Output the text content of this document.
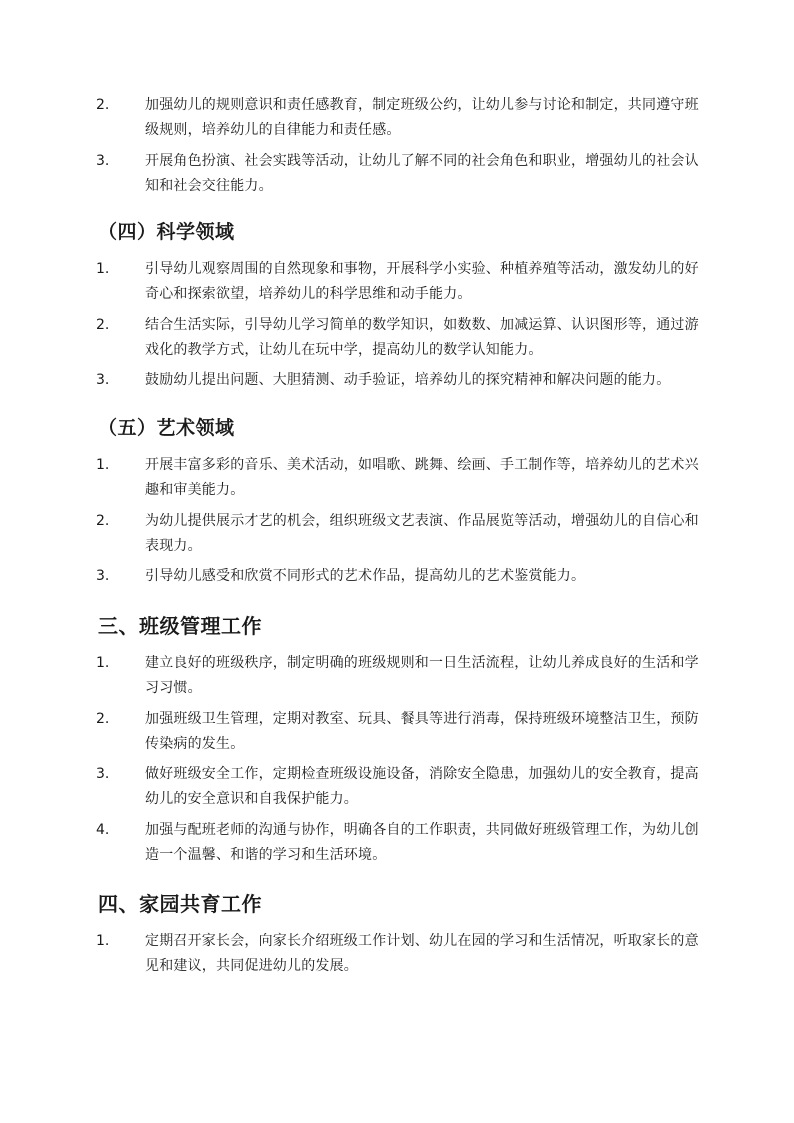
2.	加强幼儿的规则意识和责任感教育，制定班级公约，让幼儿参与讨论和制定，共同遵守班级规则，培养幼儿的自律能力和责任感。
3.	开展角色扮演、社会实践等活动，让幼儿了解不同的社会角色和职业，增强幼儿的社会认知和社会交往能力。
（四）科学领域
1.	引导幼儿观察周围的自然现象和事物，开展科学小实验、种植养殖等活动，激发幼儿的好奇心和探索欲望，培养幼儿的科学思维和动手能力。
2.	结合生活实际，引导幼儿学习简单的数学知识，如数数、加减运算、认识图形等，通过游戏化的教学方式，让幼儿在玩中学，提高幼儿的数学认知能力。
3.	鼓励幼儿提出问题、大胆猜测、动手验证，培养幼儿的探究精神和解决问题的能力。
（五）艺术领域
1.	开展丰富多彩的音乐、美术活动，如唱歌、跳舞、绘画、手工制作等，培养幼儿的艺术兴趣和审美能力。
2.	为幼儿提供展示才艺的机会，组织班级文艺表演、作品展览等活动，增强幼儿的自信心和表现力。
3.	引导幼儿感受和欣赏不同形式的艺术作品，提高幼儿的艺术鉴赏能力。
三、班级管理工作
1.	建立良好的班级秩序，制定明确的班级规则和一日生活流程，让幼儿养成良好的生活和学习习惯。
2.	加强班级卫生管理，定期对教室、玩具、餐具等进行消毒，保持班级环境整洁卫生，预防传染病的发生。
3.	做好班级安全工作，定期检查班级设施设备，消除安全隐患，加强幼儿的安全教育，提高幼儿的安全意识和自我保护能力。
4.	加强与配班老师的沟通与协作，明确各自的工作职责，共同做好班级管理工作，为幼儿创造一个温馨、和谐的学习和生活环境。
四、家园共育工作
1.	定期召开家长会，向家长介绍班级工作计划、幼儿在园的学习和生活情况，听取家长的意见和建议，共同促进幼儿的发展。
